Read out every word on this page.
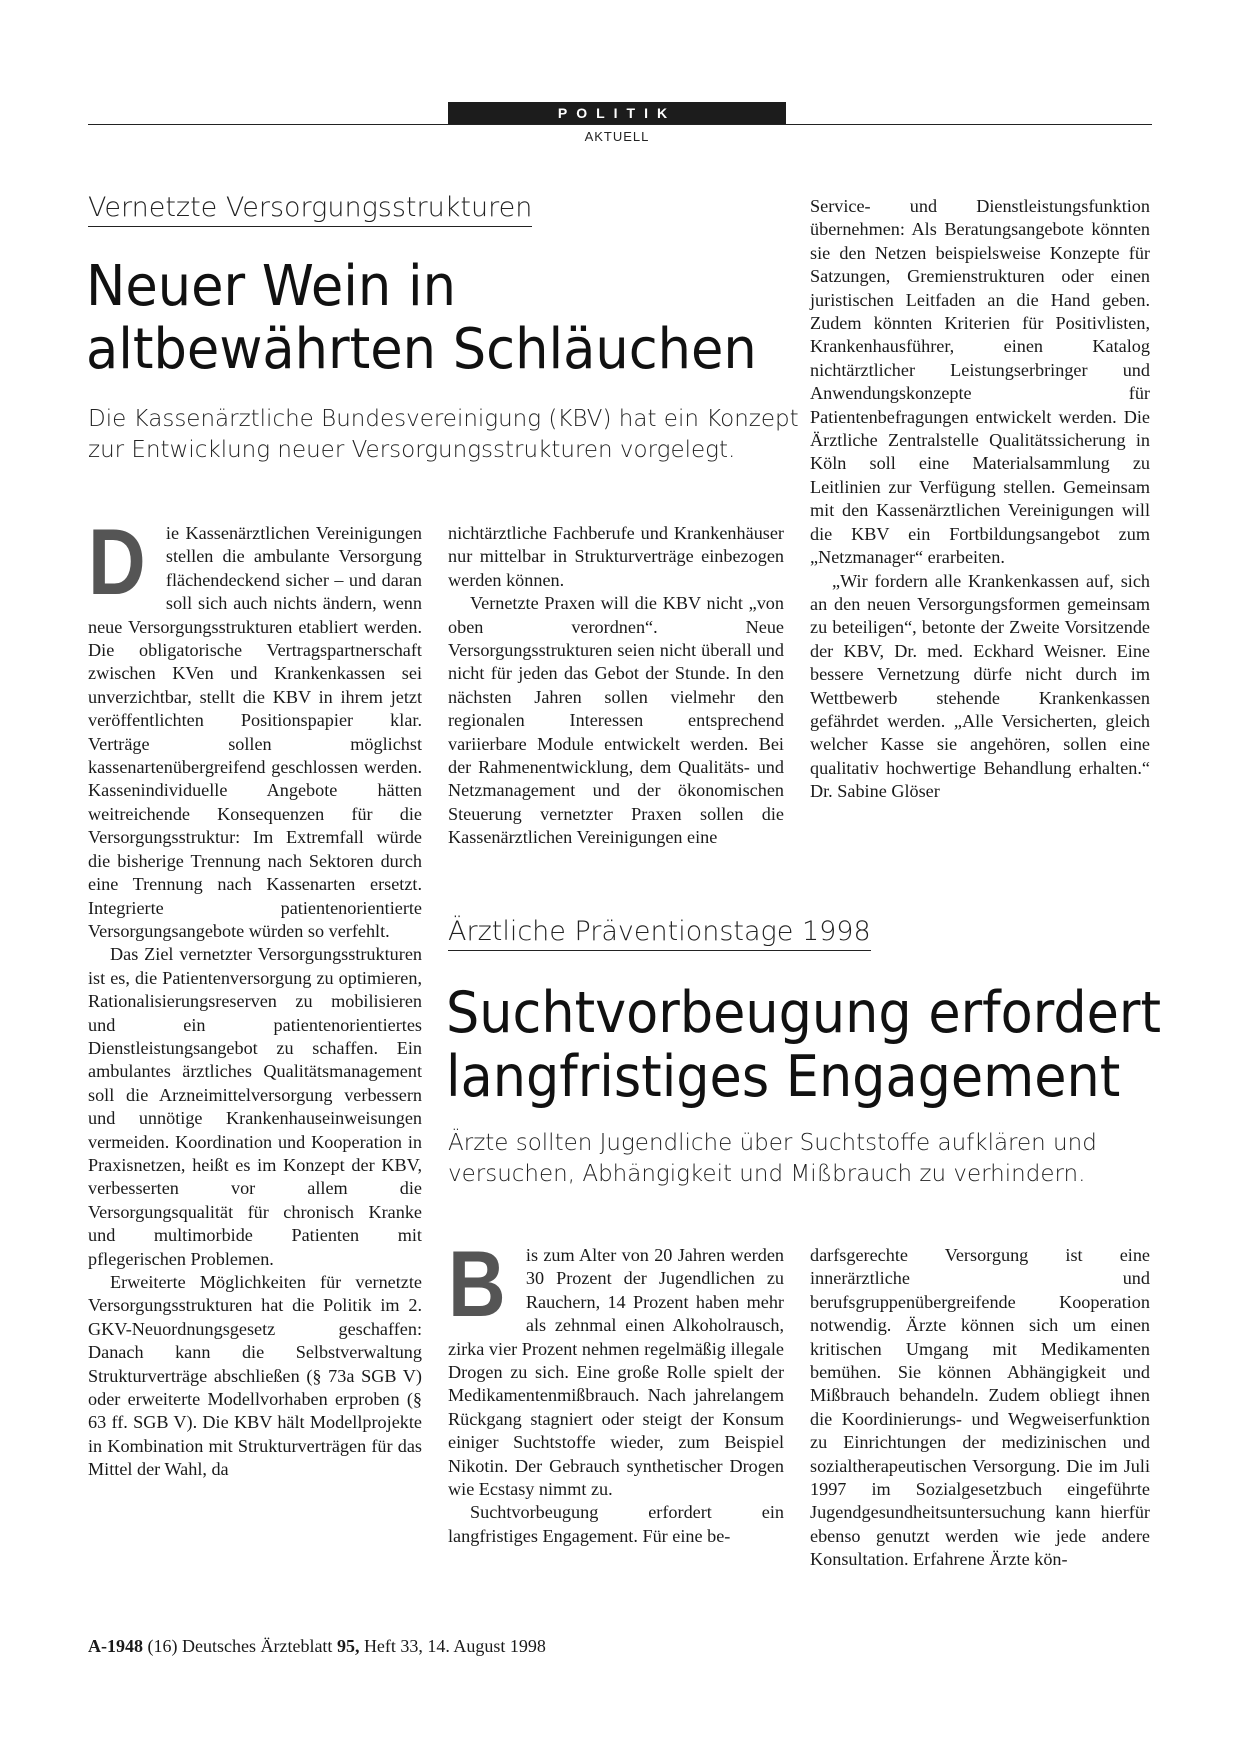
POLITIK
AKTUELL
Vernetzte Versorgungsstrukturen
Neuer Wein in
altbewährten Schläuchen
Die Kassenärztliche Bundesvereinigung (KBV) hat ein Konzept
zur Entwicklung neuer Versorgungsstrukturen vorgelegt.

D ie Kassenärztlichen Vereinigungen stellen die ambulante Versorgung flächendeckend sicher – und daran soll sich auch nichts ändern, wenn neue Versorgungsstrukturen etabliert werden. Die obligatorische Vertragspartnerschaft zwischen KVen und Krankenkassen sei unverzichtbar, stellt die KBV in ihrem jetzt veröffentlichten Positionspapier klar. Verträge sollen möglichst kassenartenübergreifend geschlossen werden. Kassenindividuelle Angebote hätten weitreichende Konsequenzen für die Versorgungsstruktur: Im Extremfall würde die bisherige Trennung nach Sektoren durch eine Trennung nach Kassenarten ersetzt. Integrierte patientenorientierte Versorgungsangebote würden so verfehlt.

Das Ziel vernetzter Versorgungsstrukturen ist es, die Patientenversorgung zu optimieren, Rationalisierungsreserven zu mobilisieren und ein patientenorientiertes Dienstleistungsangebot zu schaffen. Ein ambulantes ärztliches Qualitätsmanagement soll die Arzneimittelversorgung verbessern und unnötige Krankenhauseinweisungen vermeiden. Koordination und Kooperation in Praxisnetzen, heißt es im Konzept der KBV, verbesserten vor allem die Versorgungsqualität für chronisch Kranke und multimorbide Patienten mit pflegerischen Problemen.

Erweiterte Möglichkeiten für vernetzte Versorgungsstrukturen hat die Politik im 2. GKV-Neuordnungsgesetz geschaffen: Danach kann die Selbstverwaltung Strukturverträge abschließen (§ 73a SGB V) oder erweiterte Modellvorhaben erproben (§ 63 ff. SGB V). Die KBV hält Modellprojekte in Kombination mit Strukturverträgen für das Mittel der Wahl, da

nichtärztliche Fachberufe und Krankenhäuser nur mittelbar in Strukturverträge einbezogen werden können.

Vernetzte Praxen will die KBV nicht „von oben verordnen“. Neue Versorgungsstrukturen seien nicht überall und nicht für jeden das Gebot der Stunde. In den nächsten Jahren sollen vielmehr den regionalen Interessen entsprechend variierbare Module entwickelt werden. Bei der Rahmenentwicklung, dem Qualitäts- und Netzmanagement und der ökonomischen Steuerung vernetzter Praxen sollen die Kassenärztlichen Vereinigungen eine

Service- und Dienstleistungsfunktion übernehmen: Als Beratungsangebote könnten sie den Netzen beispielsweise Konzepte für Satzungen, Gremienstrukturen oder einen juristischen Leitfaden an die Hand geben. Zudem könnten Kriterien für Positivlisten, Krankenhausführer, einen Katalog nichtärztlicher Leistungserbringer und Anwendungskonzepte für Patientenbefragungen entwickelt werden. Die Ärztliche Zentralstelle Qualitätssicherung in Köln soll eine Materialsammlung zu Leitlinien zur Verfügung stellen. Gemeinsam mit den Kassenärztlichen Vereinigungen will die KBV ein Fortbildungsangebot zum „Netzmanager“ erarbeiten.

„Wir fordern alle Krankenkassen auf, sich an den neuen Versorgungsformen gemeinsam zu beteiligen“, betonte der Zweite Vorsitzende der KBV, Dr. med. Eckhard Weisner. Eine bessere Vernetzung dürfe nicht durch im Wettbewerb stehende Krankenkassen gefährdet werden. „Alle Versicherten, gleich welcher Kasse sie angehören, sollen eine qualitativ hochwertige Behandlung erhalten.“ Dr. Sabine Glöser

Ärztliche Präventionstage 1998
Suchtvorbeugung erfordert
langfristiges Engagement
Ärzte sollten Jugendliche über Suchtstoffe aufklären und
versuchen, Abhängigkeit und Mißbrauch zu verhindern.

B is zum Alter von 20 Jahren werden 30 Prozent der Jugendlichen zu Rauchern, 14 Prozent haben mehr als zehnmal einen Alkoholrausch, zirka vier Prozent nehmen regelmäßig illegale Drogen zu sich. Eine große Rolle spielt der Medikamentenmißbrauch. Nach jahrelangem Rückgang stagniert oder steigt der Konsum einiger Suchtstoffe wieder, zum Beispiel Nikotin. Der Gebrauch synthetischer Drogen wie Ecstasy nimmt zu.

Suchtvorbeugung erfordert ein langfristiges Engagement. Für eine be-

darfsgerechte Versorgung ist eine innerärztliche und berufsgruppenübergreifende Kooperation notwendig. Ärzte können sich um einen kritischen Umgang mit Medikamenten bemühen. Sie können Abhängigkeit und Mißbrauch behandeln. Zudem obliegt ihnen die Koordinierungs- und Wegweiserfunktion zu Einrichtungen der medizinischen und sozialtherapeutischen Versorgung. Die im Juli 1997 im Sozialgesetzbuch eingeführte Jugendgesundheitsuntersuchung kann hierfür ebenso genutzt werden wie jede andere Konsultation. Erfahrene Ärzte kön-

A-1948 (16) Deutsches Ärzteblatt 95, Heft 33, 14. August 1998
